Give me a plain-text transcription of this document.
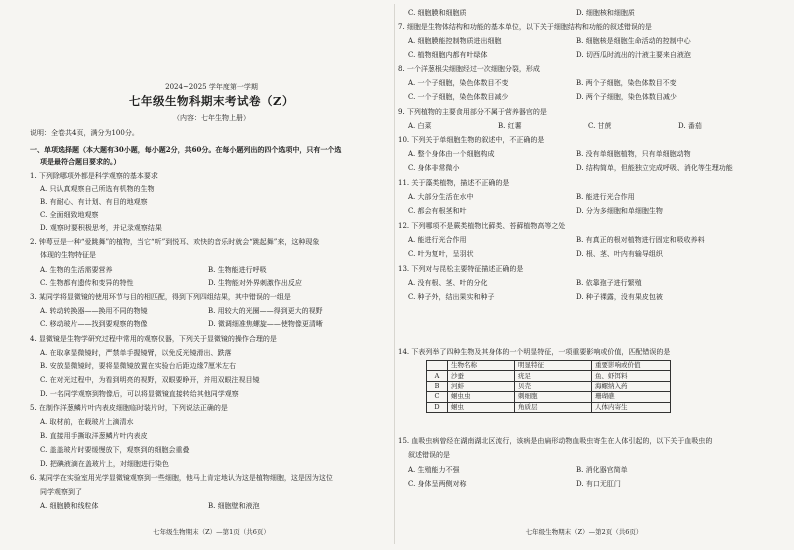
2024~2025 学年度第一学期
七年级生物科期末考试卷（Z）
（内容：七年生物上册）
说明：全卷共4页，满分为100分。
一、单项选择题（本大题有30小题，每小题2分，共60分。在每小题列出的四个选项中，只有一个选
项是最符合题目要求的。）
1. 下列除哪项外都是科学观察的基本要求
A. 只认真观察自己所选有机物的生物
B. 有耐心、有计划、有目的地观察
C. 全面细致地观察
D. 观察时要积极思考，并记录观察结果
2. 钟萼豆是一种“爱跳舞”的植物，当它“听”到悦耳、欢快的音乐时就会“跳起舞”来，这种现象
体现的生物特征是
A. 生物的生活需要营养	B. 生物能进行呼吸
C. 生物都有遗传和变异的特性	D. 生物能对外界刺激作出反应
3. 某同学将显微镜的使用环节与目的相匹配，得到下列四组结果，其中错误的一组是
A. 转动转换器——换用不同的物镜	B. 用较大的光圈——得到更大的视野
C. 移动玻片——找到要观察的物像	D. 微调细准焦螺旋——使物像更清晰
4. 显微镜是生物学研究过程中常用的观察仪器，下列关于显微镜的操作合理的是
A. 在取拿显微镜时，严禁单手握镜臂，以免反光镜滑出、跌落
B. 安放显微镜时，要将显微镜放置在实验台后距边缘7厘米左右
C. 在对光过程中，为看到明亮的视野，双眼要睁开，并用双眼注视目镜
D. 一名同学观察到物像后，可以将显微镜直接转给其他同学观察
5. 在制作洋葱鳞片叶内表皮细胞临时装片时，下列说法正确的是
A. 取材前，在载玻片上滴清水
B. 直接用手撕取洋葱鳞片叶内表皮
C. 盖盖玻片时要缓慢放下，观察到的细胞会重叠
D. 把碘液滴在盖玻片上，对细胞进行染色
6. 某同学在实验室用光学显微镜观察到一些细胞，他马上肯定地认为这是植物细胞，这是因为这位
同学观察到了
A. 细胞膜和线粒体	B. 细胞壁和液泡
七年级生物期末（Z）—第1页（共6页）
C. 细胞膜和细胞质	D. 细胞核和细胞质
7. 细胞是生物体结构和功能的基本单位，以下关于细胞结构和功能的叙述错误的是
A. 细胞膜能控制物质进出细胞	B. 细胞核是细胞生命活动的控制中心
C. 植物细胞内都有叶绿体	D. 切西瓜时流出的汁液主要来自液泡
8. 一个洋葱根尖细胞经过一次细胞分裂，形成
A. 一个子细胞，染色体数目不变	B. 两个子细胞，染色体数目不变
C. 一个子细胞，染色体数目减少	D. 两个子细胞，染色体数目减少
9. 下列植物的主要食用部分不属于营养器官的是
A. 白菜	B. 红薯	C. 甘蔗	D. 番茄
10. 下列关于单细胞生物的叙述中，不正确的是
A. 整个身体由一个细胞构成	B. 没有单细胞植物，只有单细胞动物
C. 身体非常微小	D. 结构简单，但能独立完成呼吸、消化等生理功能
11. 关于藻类植物，描述不正确的是
A. 大部分生活在水中	B. 能进行光合作用
C. 都会有根茎和叶	D. 分为多细胞和单细胞生物
12. 下列哪项不是蕨类植物比藓类、苔藓植物高等之处
A. 能进行光合作用	B. 有真正的根对植物进行固定和吸收养料
C. 叶为复叶，呈羽状	D. 根、茎、叶内有输导组织
13. 下列对与昆松主要特征描述正确的是
A. 没有根、茎、叶的分化	B. 依靠孢子进行繁殖
C. 种子外，结出果实和种子	D. 种子裸露，没有果皮包被
14. 下表列举了四种生物及其身体的一个明显特征，一项重要影响或价值，匹配错误的是
	生物名称	明显特征	重要影响或价值
A	沙蚕	疣足	鱼、虾饵料
B	河蚌	贝壳	海螺纳入药
C	蛔虫虫	刺细胞	珊瑚礁
D	蛔虫	角质层	人体内寄生
15. 血吸虫病曾经在湖南湖北区流行，该病是由扁形动物血吸虫寄生在人体引起的，以下关于血吸虫的
叙述错误的是
A. 生殖能力不强	B. 消化器官简单
C. 身体呈两侧对称	D. 有口无肛门
七年级生物期末（Z）—第2页（共6页）
